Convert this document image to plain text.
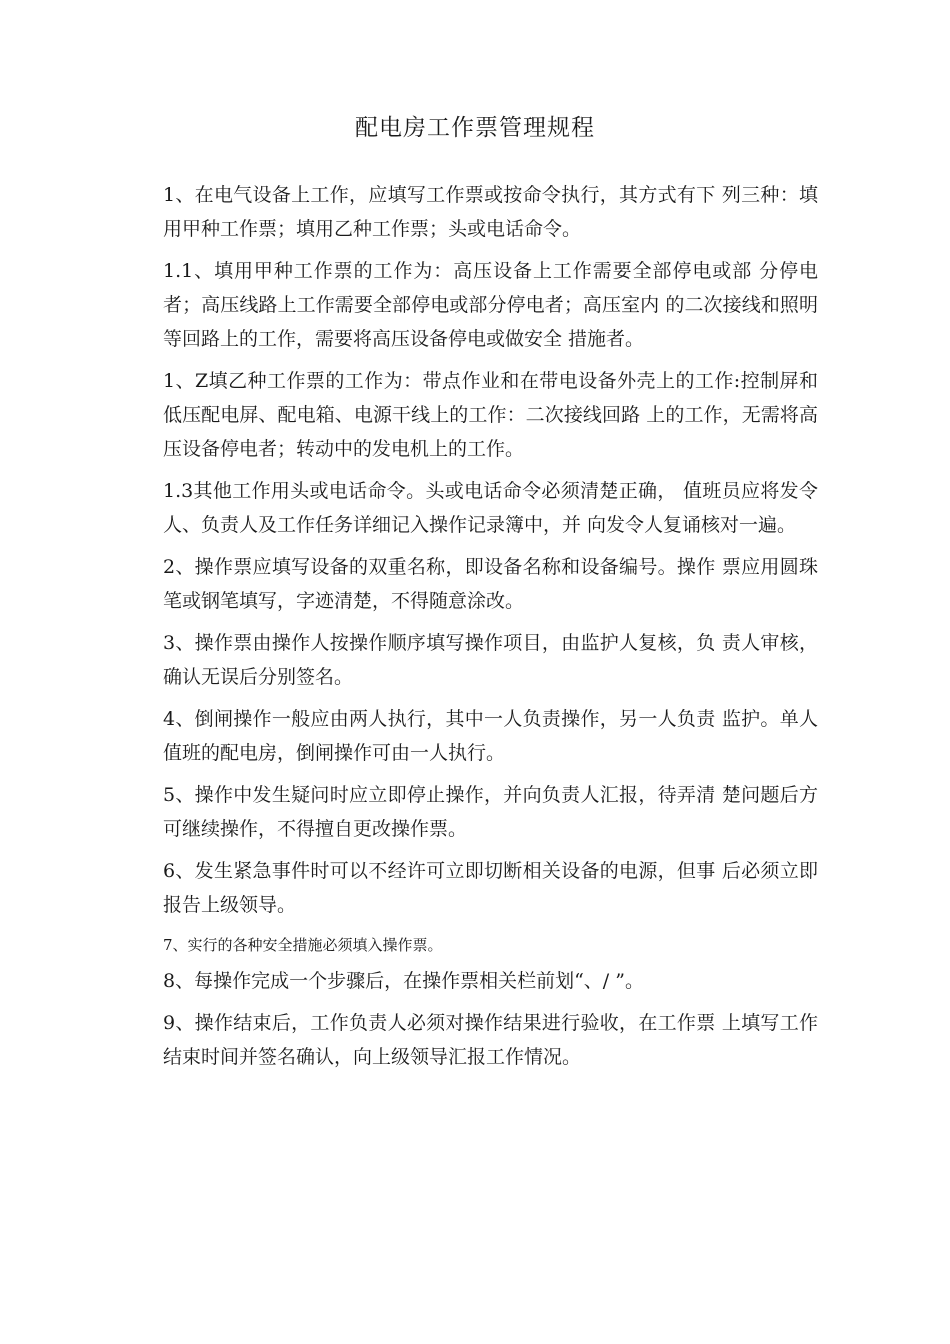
配电房工作票管理规程

1、在电气设备上工作，应填写工作票或按命令执行，其方式有下 列三种：填用甲种工作票；填用乙种工作票；头或电话命令。

1.1、填用甲种工作票的工作为：高压设备上工作需要全部停电或部 分停电者；高压线路上工作需要全部停电或部分停电者；高压室内 的二次接线和照明等回路上的工作，需要将高压设备停电或做安全 措施者。

1、Z填乙种工作票的工作为：带点作业和在带电设备外壳上的工作:控制屏和低压配电屏、配电箱、电源干线上的工作：二次接线回路 上的工作，无需将高压设备停电者；转动中的发电机上的工作。

1.3其他工作用头或电话命令。头或电话命令必须清楚正确， 值班员应将发令人、负责人及工作任务详细记入操作记录簿中，并 向发令人复诵核对一遍。

2、操作票应填写设备的双重名称，即设备名称和设备编号。操作 票应用圆珠笔或钢笔填写，字迹清楚，不得随意涂改。

3、操作票由操作人按操作顺序填写操作项目，由监护人复核，负 责人审核，确认无误后分别签名。

4、倒闸操作一般应由两人执行，其中一人负责操作，另一人负责 监护。单人值班的配电房，倒闸操作可由一人执行。

5、操作中发生疑问时应立即停止操作，并向负责人汇报，待弄清 楚问题后方可继续操作，不得擅自更改操作票。

6、发生紧急事件时可以不经许可立即切断相关设备的电源，但事 后必须立即报告上级领导。

7、实行的各种安全措施必须填入操作票。

8、每操作完成一个步骤后，在操作票相关栏前划“、/ ”。

9、操作结束后，工作负责人必须对操作结果进行验收，在工作票 上填写工作结束时间并签名确认，向上级领导汇报工作情况。
